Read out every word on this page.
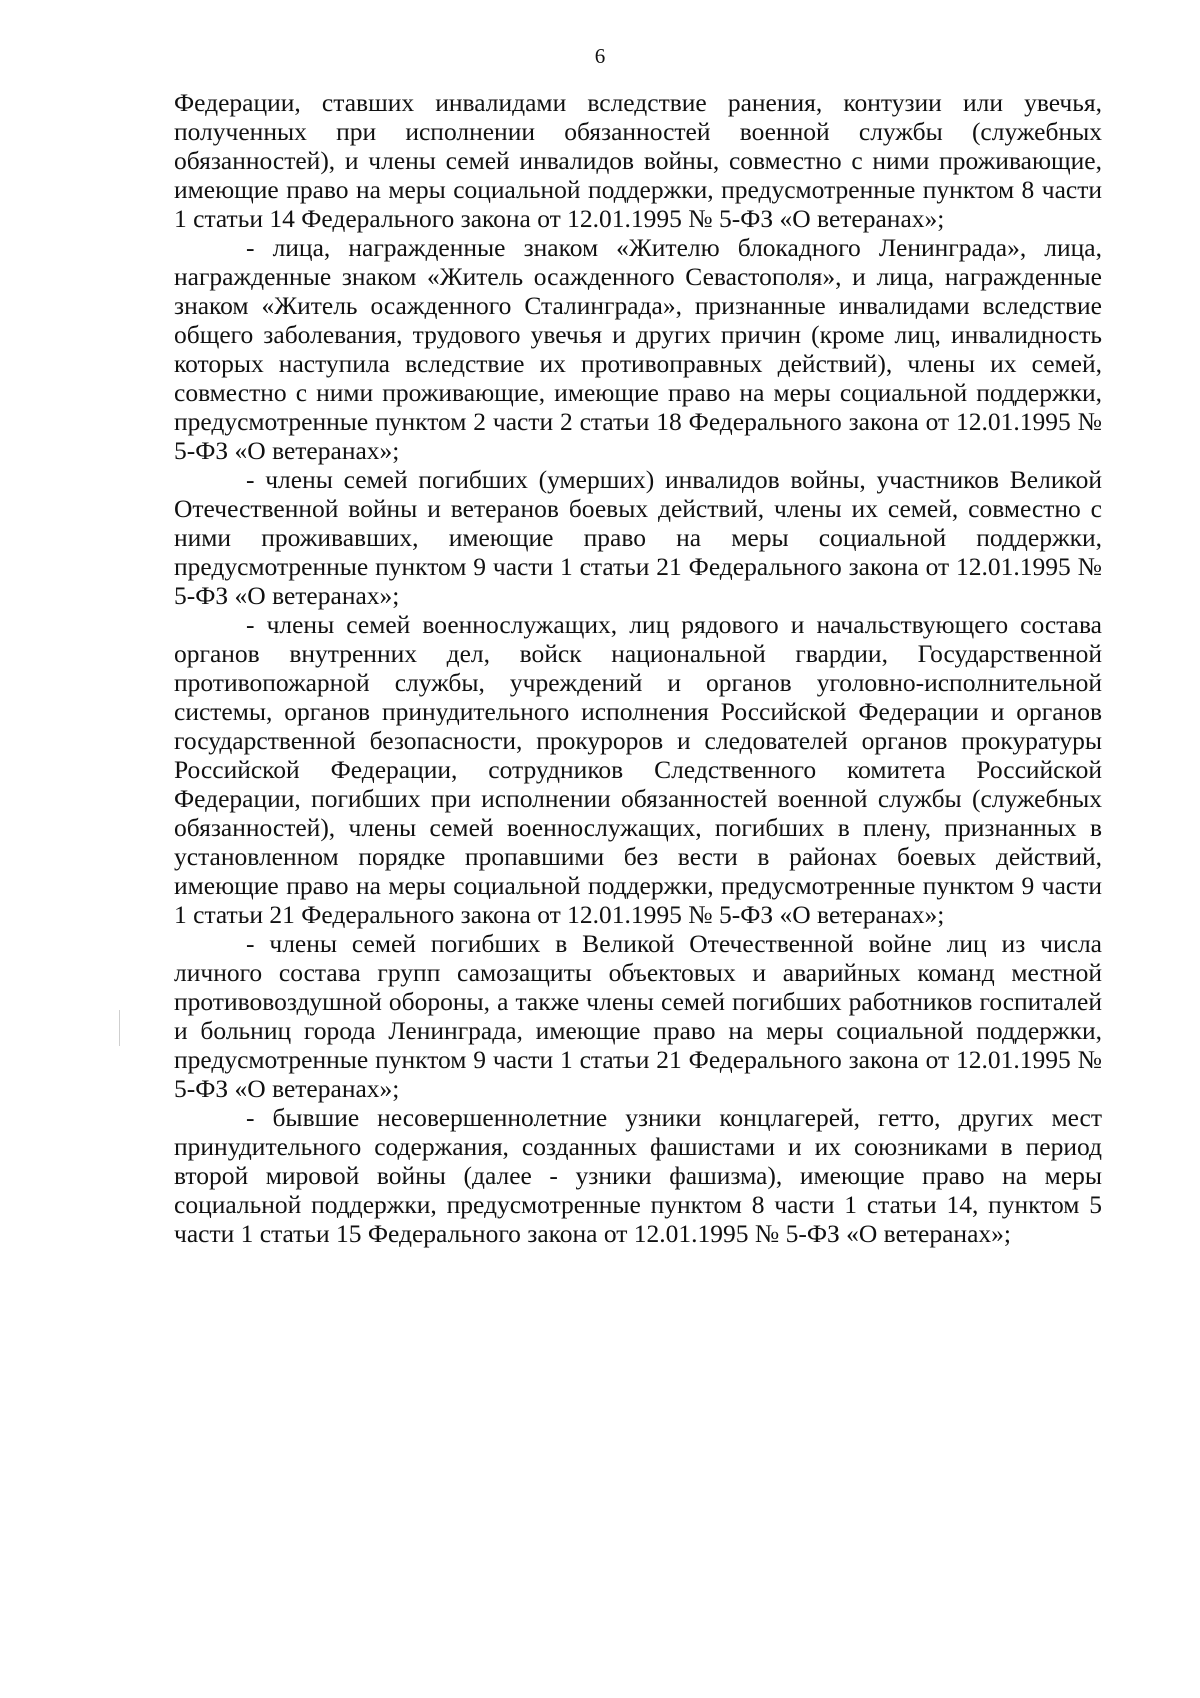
6

Федерации, ставших инвалидами вследствие ранения, контузии или увечья, полученных при исполнении обязанностей военной службы (служебных обязанностей), и члены семей инвалидов войны, совместно с ними проживающие, имеющие право на меры социальной поддержки, предусмотренные пунктом 8 части 1 статьи 14 Федерального закона от 12.01.1995 № 5-ФЗ «О ветеранах»;

- лица, награжденные знаком «Жителю блокадного Ленинграда», лица, награжденные знаком «Житель осажденного Севастополя», и лица, награжденные знаком «Житель осажденного Сталинграда», признанные инвалидами вследствие общего заболевания, трудового увечья и других причин (кроме лиц, инвалидность которых наступила вследствие их противоправных действий), члены их семей, совместно с ними проживающие, имеющие право на меры социальной поддержки, предусмотренные пунктом 2 части 2 статьи 18 Федерального закона от 12.01.1995 № 5-ФЗ «О ветеранах»;

- члены семей погибших (умерших) инвалидов войны, участников Великой Отечественной войны и ветеранов боевых действий, члены их семей, совместно с ними проживавших, имеющие право на меры социальной поддержки, предусмотренные пунктом 9 части 1 статьи 21 Федерального закона от 12.01.1995 № 5-ФЗ «О ветеранах»;

- члены семей военнослужащих, лиц рядового и начальствующего состава органов внутренних дел, войск национальной гвардии, Государственной противопожарной службы, учреждений и органов уголовно-исполнительной системы, органов принудительного исполнения Российской Федерации и органов государственной безопасности, прокуроров и следователей органов прокуратуры Российской Федерации, сотрудников Следственного комитета Российской Федерации, погибших при исполнении обязанностей военной службы (служебных обязанностей), члены семей военнослужащих, погибших в плену, признанных в установленном порядке пропавшими без вести в районах боевых действий, имеющие право на меры социальной поддержки, предусмотренные пунктом 9 части 1 статьи 21 Федерального закона от 12.01.1995 № 5-ФЗ «О ветеранах»;

- члены семей погибших в Великой Отечественной войне лиц из числа личного состава групп самозащиты объектовых и аварийных команд местной противовоздушной обороны, а также члены семей погибших работников госпиталей и больниц города Ленинграда, имеющие право на меры социальной поддержки, предусмотренные пунктом 9 части 1 статьи 21 Федерального закона от 12.01.1995 № 5-ФЗ «О ветеранах»;

- бывшие несовершеннолетние узники концлагерей, гетто, других мест принудительного содержания, созданных фашистами и их союзниками в период второй мировой войны (далее - узники фашизма), имеющие право на меры социальной поддержки, предусмотренные пунктом 8 части 1 статьи 14, пунктом 5 части 1 статьи 15 Федерального закона от 12.01.1995 № 5-ФЗ «О ветеранах»;
